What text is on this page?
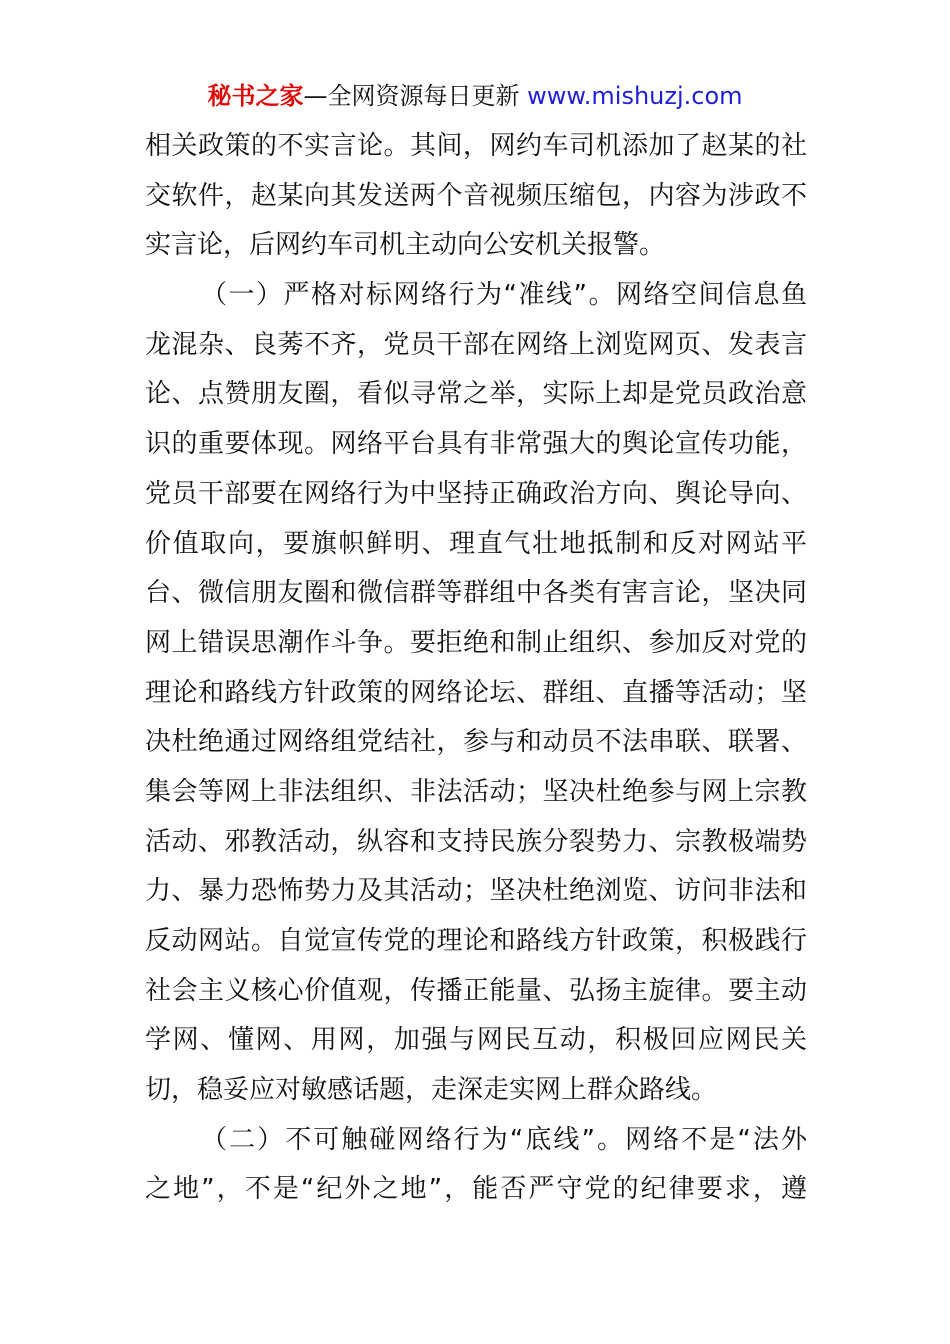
秘书之家—全网资源每日更新 www.mishuzj.com
相关政策的不实言论。其间，网约车司机添加了赵某的社
交软件，赵某向其发送两个音视频压缩包，内容为涉政不
实言论，后网约车司机主动向公安机关报警。
（一）严格对标网络行为“准线”。网络空间信息鱼
龙混杂、良莠不齐，党员干部在网络上浏览网页、发表言
论、点赞朋友圈，看似寻常之举，实际上却是党员政治意
识的重要体现。网络平台具有非常强大的舆论宣传功能，
党员干部要在网络行为中坚持正确政治方向、舆论导向、
价值取向，要旗帜鲜明、理直气壮地抵制和反对网站平
台、微信朋友圈和微信群等群组中各类有害言论，坚决同
网上错误思潮作斗争。要拒绝和制止组织、参加反对党的
理论和路线方针政策的网络论坛、群组、直播等活动；坚
决杜绝通过网络组党结社，参与和动员不法串联、联署、
集会等网上非法组织、非法活动；坚决杜绝参与网上宗教
活动、邪教活动，纵容和支持民族分裂势力、宗教极端势
力、暴力恐怖势力及其活动；坚决杜绝浏览、访问非法和
反动网站。自觉宣传党的理论和路线方针政策，积极践行
社会主义核心价值观，传播正能量、弘扬主旋律。要主动
学网、懂网、用网，加强与网民互动，积极回应网民关
切，稳妥应对敏感话题，走深走实网上群众路线。
（二）不可触碰网络行为“底线”。网络不是“法外
之地”，不是“纪外之地”，能否严守党的纪律要求，遵
